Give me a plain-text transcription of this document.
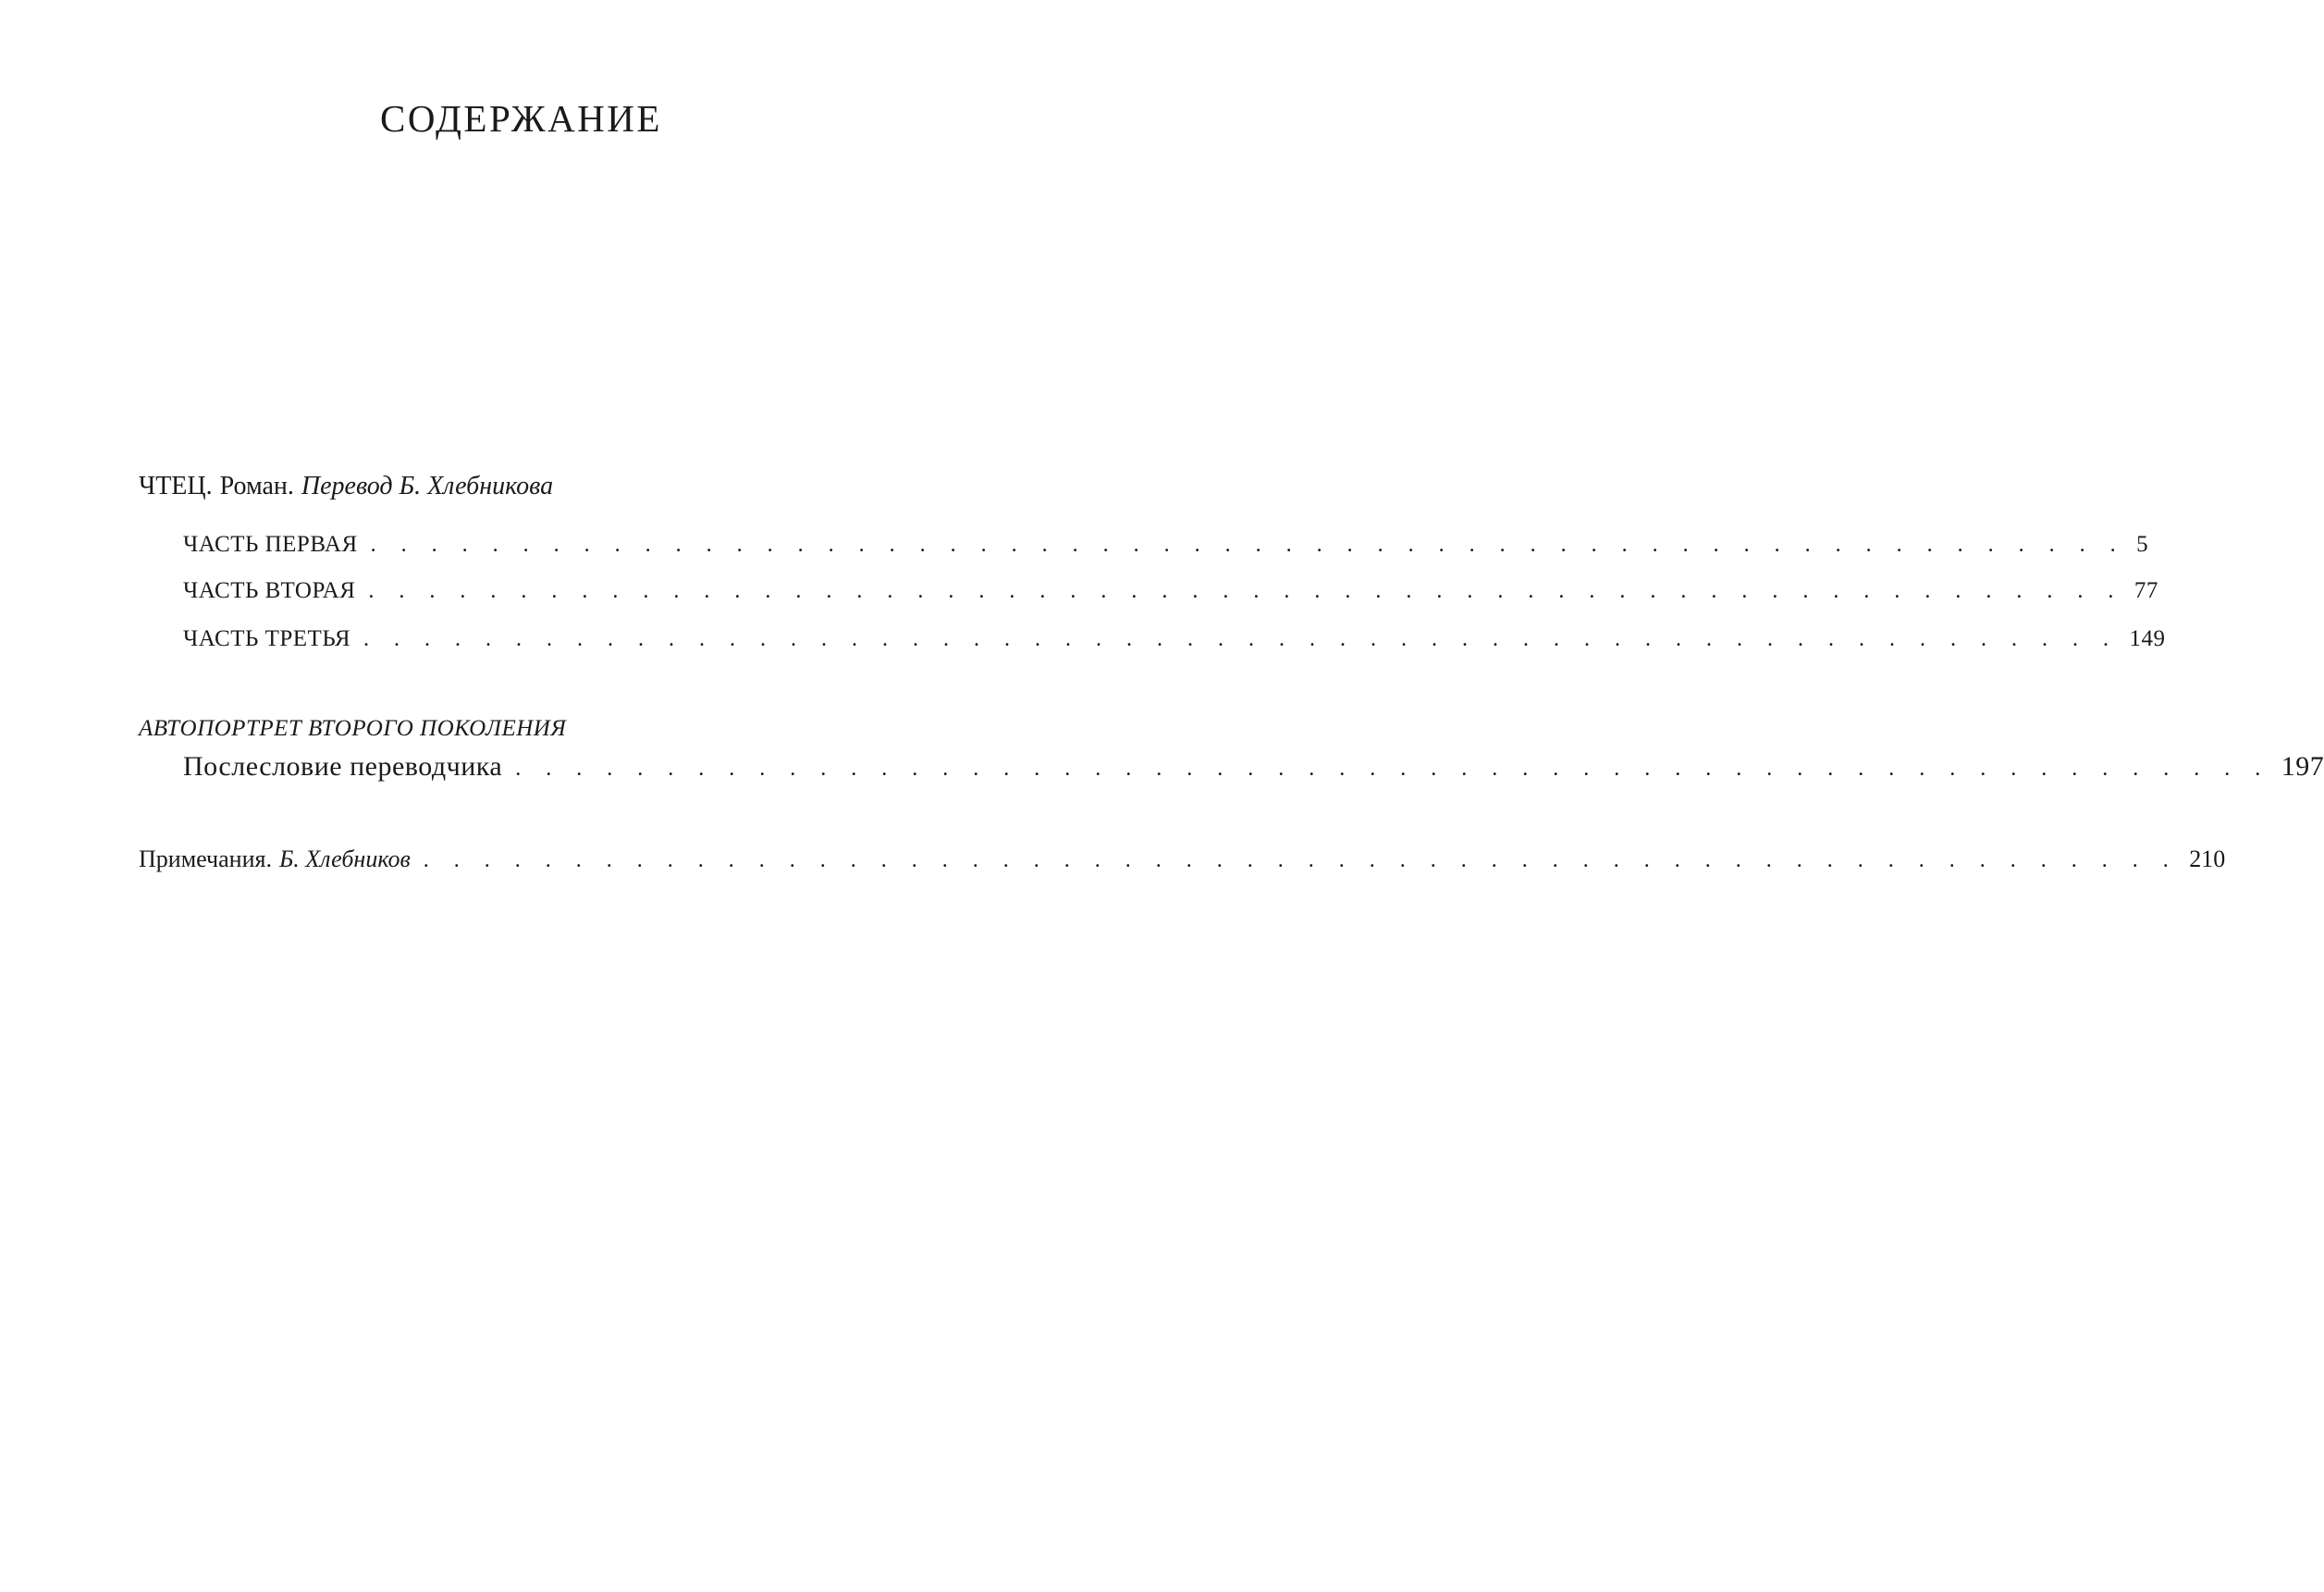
СОДЕРЖАНИЕ
ЧТЕЦ. Роман. Перевод Б. Хлебникова
ЧАСТЬ ПЕРВАЯ . . . . . . . . . . . . . . . . . . . . . . . . . . . . . . . . . . . . . . . . . . . . . . . . . . . . . . . . . . 5
ЧАСТЬ ВТОРАЯ . . . . . . . . . . . . . . . . . . . . . . . . . . . . . . . . . . . . . . . . . . . . . . . . . . . . . . . . . . 77
ЧАСТЬ ТРЕТЬЯ . . . . . . . . . . . . . . . . . . . . . . . . . . . . . . . . . . . . . . . . . . . . . . . . . . . . . . . . . . 149
АВТОПОРТРЕТ ВТОРОГО ПОКОЛЕНИЯ
Послесловие переводчика . . . . . . . . . . . . . . . . . . . . . . . . . . . . . . . . . . . . . . . . . . . . . . . . . . . . . . . . . . 197
Примечания. Б. Хлебников . . . . . . . . . . . . . . . . . . . . . . . . . . . . . . . . . . . . . . . . . . . . . . . . . . . . . . . . . . 210
